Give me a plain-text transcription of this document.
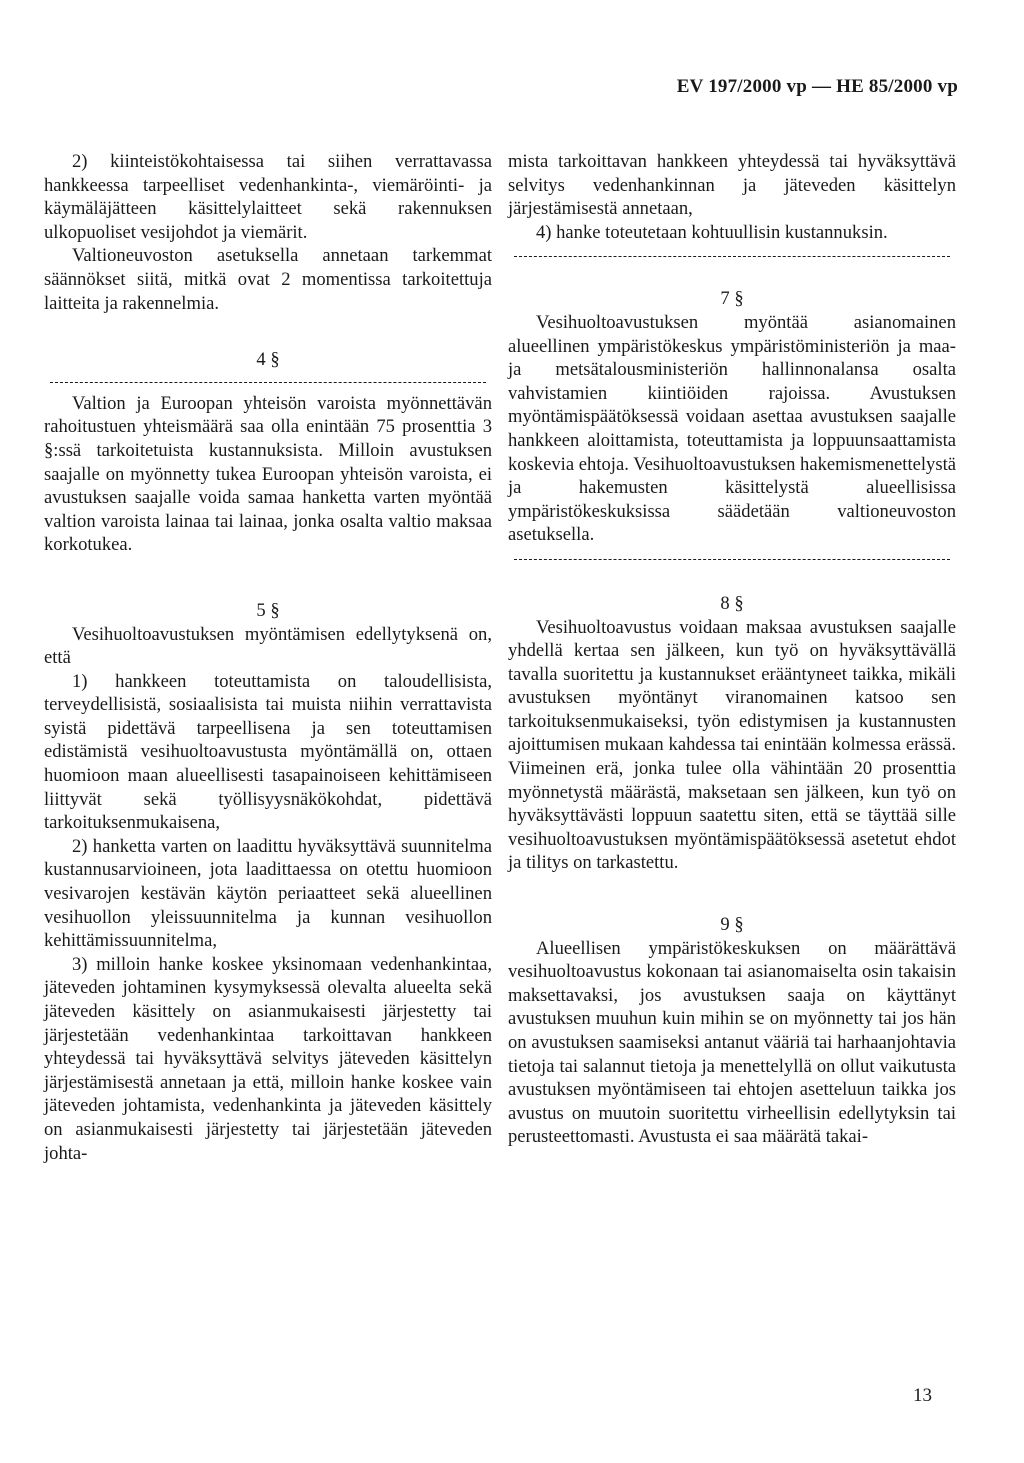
EV 197/2000 vp — HE 85/2000 vp

2) kiinteistökohtaisessa tai siihen verrattavassa hankkeessa tarpeelliset vedenhankinta-, viemäröinti- ja käymäläjätteen käsittelylaitteet sekä rakennuksen ulkopuoliset vesijohdot ja viemärit.

Valtioneuvoston asetuksella annetaan tarkemmat säännökset siitä, mitkä ovat 2 momentissa tarkoitettuja laitteita ja rakennelmia.

4 §

Valtion ja Euroopan yhteisön varoista myönnettävän rahoitustuen yhteismäärä saa olla enintään 75 prosenttia 3 §:ssä tarkoitetuista kustannuksista. Milloin avustuksen saajalle on myönnetty tukea Euroopan yhteisön varoista, ei avustuksen saajalle voida samaa hanketta varten myöntää valtion varoista lainaa tai lainaa, jonka osalta valtio maksaa korkotukea.

5 §

Vesihuoltoavustuksen myöntämisen edellytyksenä on, että

1) hankkeen toteuttamista on taloudellisista, terveydellisistä, sosiaalisista tai muista niihin verrattavista syistä pidettävä tarpeellisena ja sen toteuttamisen edistämistä vesihuoltoavustusta myöntämällä on, ottaen huomioon maan alueellisesti tasapainoiseen kehittämiseen liittyvät sekä työllisyysnäkökohdat, pidettävä tarkoituksenmukaisena,

2) hanketta varten on laadittu hyväksyttävä suunnitelma kustannusarvioineen, jota laadittaessa on otettu huomioon vesivarojen kestävän käytön periaatteet sekä alueellinen vesihuollon yleissuunnitelma ja kunnan vesihuollon kehittämissuunnitelma,

3) milloin hanke koskee yksinomaan vedenhankintaa, jäteveden johtaminen kysymyksessä olevalta alueelta sekä jäteveden käsittely on asianmukaisesti järjestetty tai järjestetään vedenhankintaa tarkoittavan hankkeen yhteydessä tai hyväksyttävä selvitys jäteveden käsittelyn järjestämisestä annetaan ja että, milloin hanke koskee vain jäteveden johtamista, vedenhankinta ja jäteveden käsittely on asianmukaisesti järjestetty tai järjestetään jäteveden johta-

mista tarkoittavan hankkeen yhteydessä tai hyväksyttävä selvitys vedenhankinnan ja jäteveden käsittelyn järjestämisestä annetaan,

4) hanke toteutetaan kohtuullisin kustannuksin.

7 §

Vesihuoltoavustuksen myöntää asianomainen alueellinen ympäristökeskus ympäristöministeriön ja maa- ja metsätalousministeriön hallinnonalansa osalta vahvistamien kiintiöiden rajoissa. Avustuksen myöntämispäätöksessä voidaan asettaa avustuksen saajalle hankkeen aloittamista, toteuttamista ja loppuunsaattamista koskevia ehtoja. Vesihuoltoavustuksen hakemismenettelystä ja hakemusten käsittelystä alueellisissa ympäristökeskuksissa säädetään valtioneuvoston asetuksella.

8 §

Vesihuoltoavustus voidaan maksaa avustuksen saajalle yhdellä kertaa sen jälkeen, kun työ on hyväksyttävällä tavalla suoritettu ja kustannukset erääntyneet taikka, mikäli avustuksen myöntänyt viranomainen katsoo sen tarkoituksenmukaiseksi, työn edistymisen ja kustannusten ajoittumisen mukaan kahdessa tai enintään kolmessa erässä. Viimeinen erä, jonka tulee olla vähintään 20 prosenttia myönnetystä määrästä, maksetaan sen jälkeen, kun työ on hyväksyttävästi loppuun saatettu siten, että se täyttää sille vesihuoltoavustuksen myöntämispäätöksessä asetetut ehdot ja tilitys on tarkastettu.

9 §

Alueellisen ympäristökeskuksen on määrättävä vesihuoltoavustus kokonaan tai asianomaiselta osin takaisin maksettavaksi, jos avustuksen saaja on käyttänyt avustuksen muuhun kuin mihin se on myönnetty tai jos hän on avustuksen saamiseksi antanut vääriä tai harhaanjohtavia tietoja tai salannut tietoja ja menettelyllä on ollut vaikutusta avustuksen myöntämiseen tai ehtojen asetteluun taikka jos avustus on muutoin suoritettu virheellisin edellytyksin tai perusteettomasti. Avustusta ei saa määrätä takai-

13
